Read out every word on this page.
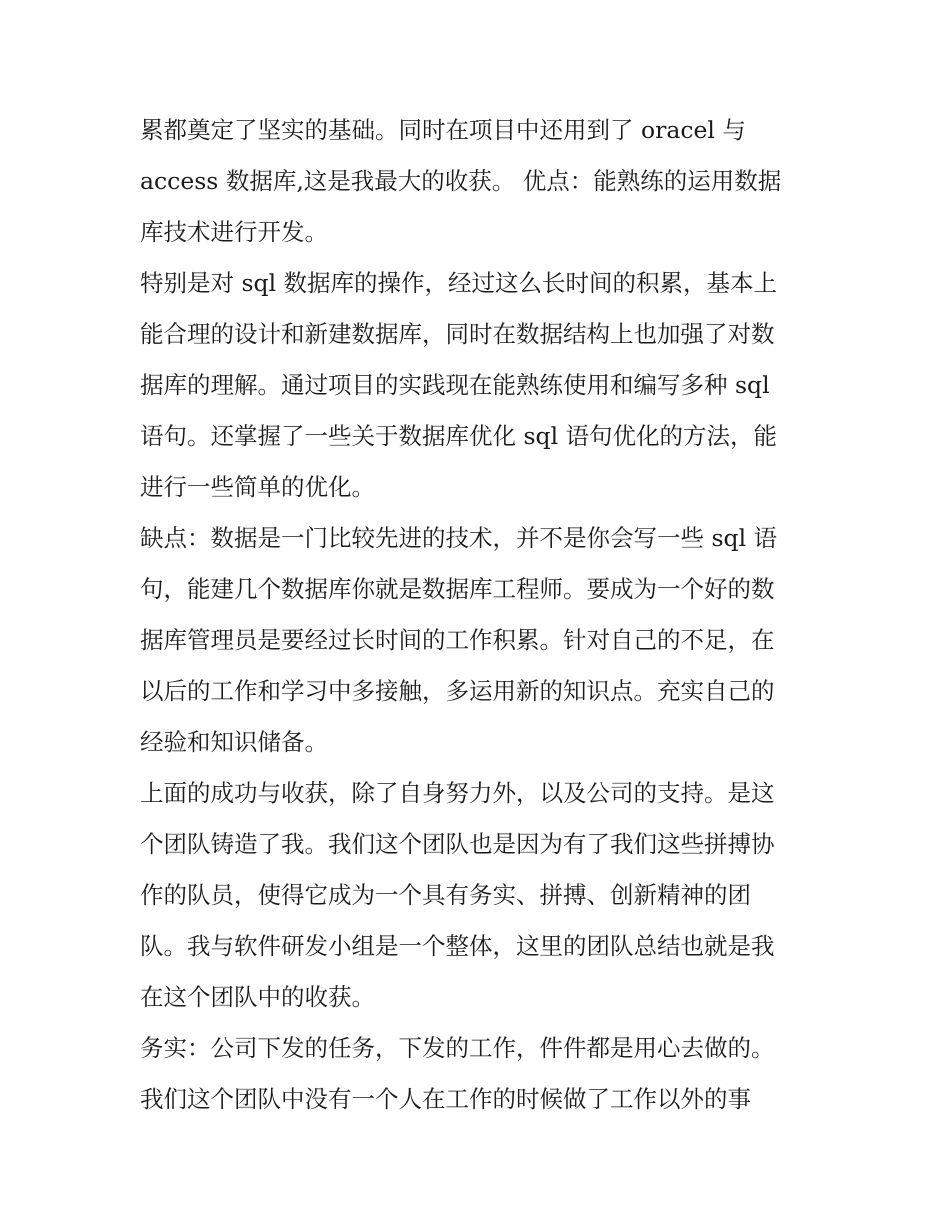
累都奠定了坚实的基础。同时在项目中还用到了 oracel 与
access 数据库,这是我最大的收获。 优点：能熟练的运用数据
库技术进行开发。
特别是对 sql 数据库的操作，经过这么长时间的积累，基本上
能合理的设计和新建数据库，同时在数据结构上也加强了对数
据库的理解。通过项目的实践现在能熟练使用和编写多种 sql
语句。还掌握了一些关于数据库优化 sql 语句优化的方法，能
进行一些简单的优化。
缺点：数据是一门比较先进的技术，并不是你会写一些 sql 语
句，能建几个数据库你就是数据库工程师。要成为一个好的数
据库管理员是要经过长时间的工作积累。针对自己的不足，在
以后的工作和学习中多接触，多运用新的知识点。充实自己的
经验和知识储备。
上面的成功与收获，除了自身努力外，以及公司的支持。是这
个团队铸造了我。我们这个团队也是因为有了我们这些拼搏协
作的队员，使得它成为一个具有务实、拼搏、创新精神的团
队。我与软件研发小组是一个整体，这里的团队总结也就是我
在这个团队中的收获。
务实：公司下发的任务，下发的工作，件件都是用心去做的。
我们这个团队中没有一个人在工作的时候做了工作以外的事
